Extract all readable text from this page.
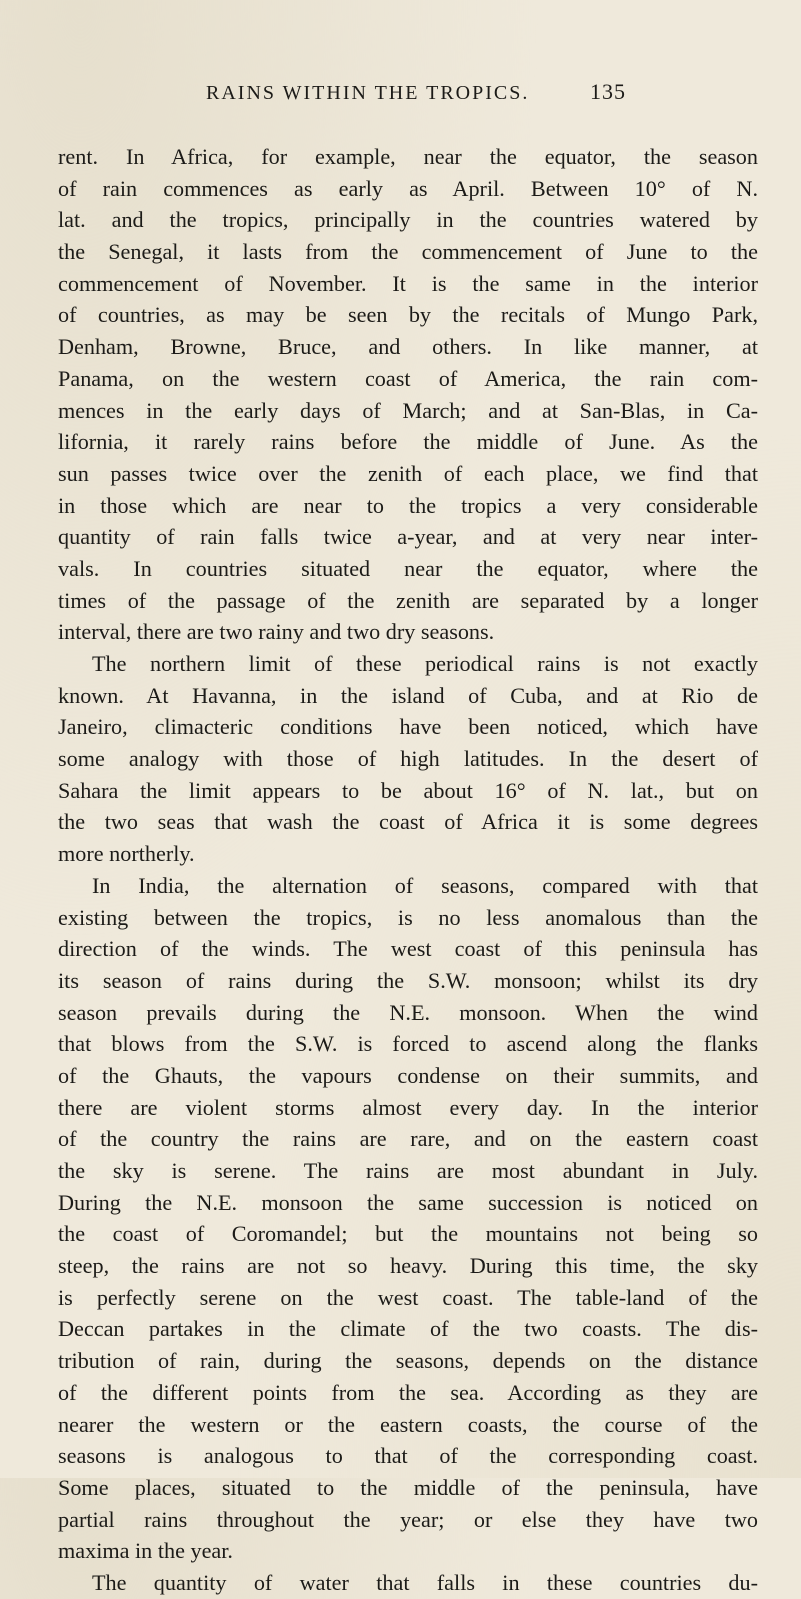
RAINS WITHIN THE TROPICS.	135
rent. In Africa, for example, near the equator, the season
of rain commences as early as April. Between 10° of N.
lat. and the tropics, principally in the countries watered by
the Senegal, it lasts from the commencement of June to the
commencement of November. It is the same in the interior
of countries, as may be seen by the recitals of Mungo Park,
Denham, Browne, Bruce, and others. In like manner, at
Panama, on the western coast of America, the rain com-
mences in the early days of March; and at San-Blas, in Ca-
lifornia, it rarely rains before the middle of June. As the
sun passes twice over the zenith of each place, we find that
in those which are near to the tropics a very considerable
quantity of rain falls twice a-year, and at very near inter-
vals. In countries situated near the equator, where the
times of the passage of the zenith are separated by a longer
interval, there are two rainy and two dry seasons.
The northern limit of these periodical rains is not exactly
known. At Havanna, in the island of Cuba, and at Rio de
Janeiro, climacteric conditions have been noticed, which have
some analogy with those of high latitudes. In the desert of
Sahara the limit appears to be about 16° of N. lat., but on
the two seas that wash the coast of Africa it is some degrees
more northerly.
In India, the alternation of seasons, compared with that
existing between the tropics, is no less anomalous than the
direction of the winds. The west coast of this peninsula has
its season of rains during the S.W. monsoon; whilst its dry
season prevails during the N.E. monsoon. When the wind
that blows from the S.W. is forced to ascend along the flanks
of the Ghauts, the vapours condense on their summits, and
there are violent storms almost every day. In the interior
of the country the rains are rare, and on the eastern coast
the sky is serene. The rains are most abundant in July.
During the N.E. monsoon the same succession is noticed on
the coast of Coromandel; but the mountains not being so
steep, the rains are not so heavy. During this time, the sky
is perfectly serene on the west coast. The table-land of the
Deccan partakes in the climate of the two coasts. The dis-
tribution of rain, during the seasons, depends on the distance
of the different points from the sea. According as they are
nearer the western or the eastern coasts, the course of the
seasons is analogous to that of the corresponding coast.
Some places, situated to the middle of the peninsula, have
partial rains throughout the year; or else they have two
maxima in the year.
The quantity of water that falls in these countries du-
